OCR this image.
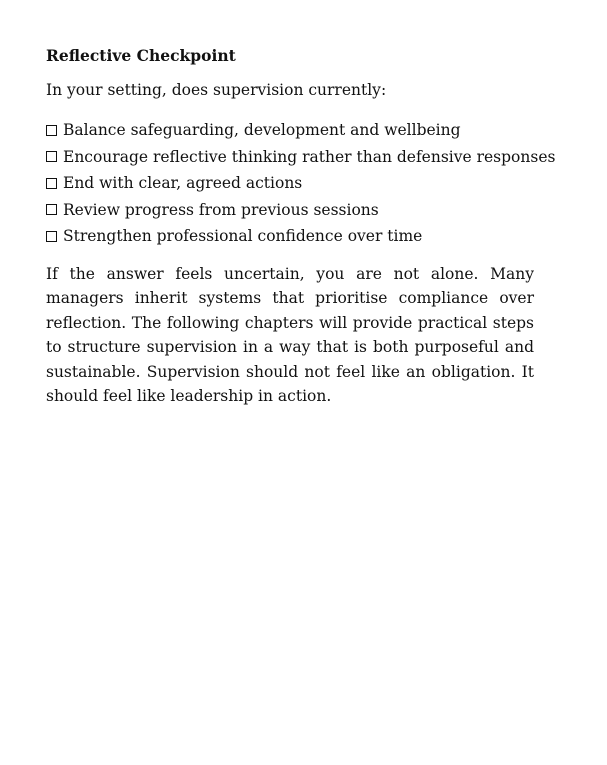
Reflective Checkpoint
In your setting, does supervision currently:
Balance safeguarding, development and wellbeing
Encourage reflective thinking rather than defensive responses
End with clear, agreed actions
Review progress from previous sessions
Strengthen professional confidence over time

If the answer feels uncertain, you are not alone. Many managers inherit systems that prioritise compliance over reflection. The following chapters will provide practical steps to structure supervision in a way that is both purposeful and sustainable. Supervision should not feel like an obligation. It should feel like leadership in action.
